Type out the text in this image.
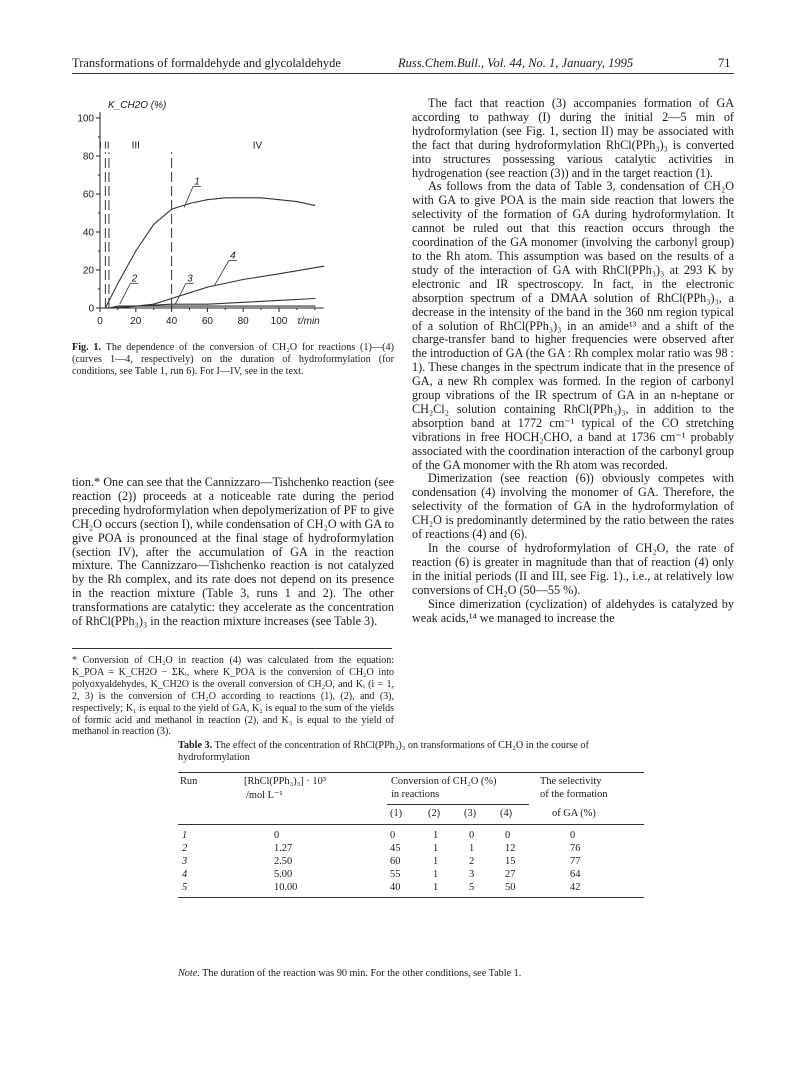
Transformations of formaldehyde and glycolaldehyde	Russ.Chem.Bull., Vol. 44, No. 1, January, 1995	71
100
80
60
40
20
0
0	20 40 60 80 100 τ/min
K_CH2O (%)
I II III	IV
1
2	3
4
Fig. 1. The dependence of the conversion of CH₂O for reactions (1)—(4) (curves 1—4, respectively) on the duration of hydroformylation (for conditions, see Table 1, run 6). For I—IV, see in the text.

tion.* One can see that the Cannizzaro—Tishchenko reaction (see reaction (2)) proceeds at a noticeable rate during the period preceding hydroformylation when depolymerization of PF to give CH₂O occurs (section I), while condensation of CH₂O with GA to give POA is pronounced at the final stage of hydroformylation (section IV), after the accumulation of GA in the reaction mixture. The Cannizzaro—Tishchenko reaction is not catalyzed by the Rh complex, and its rate does not depend on its presence in the reaction mixture (Table 3, runs 1 and 2). The other transformations are catalytic: they accelerate as the concentration of RhCl(PPh₃)₃ in the reaction mixture increases (see Table 3).

* Conversion of CH₂O in reaction (4) was calculated from the equation: K_POA = K_CH2O − ΣKᵢ, where K_POA is the conversion of CH₂O into polyoxyaldehydes, K_CH2O is the overall conversion of CH₂O, and Kᵢ (i = 1, 2, 3) is the conversion of CH₂O according to reactions (1), (2), and (3), respectively; K₁ is equal to the yield of GA, K₂ is equal to the sum of the yields of formic acid and methanol in reaction (2), and K₃ is equal to the yield of methanol in reaction (3).

The fact that reaction (3) accompanies formation of GA according to pathway (I) during the initial 2—5 min of hydroformylation (see Fig. 1, section II) may be associated with the fact that during hydroformylation RhCl(PPh₃)₃ is converted into structures possessing various catalytic activities in hydrogenation (see reaction (3)) and in the target reaction (1).

As follows from the data of Table 3, condensation of CH₂O with GA to give POA is the main side reaction that lowers the selectivity of the formation of GA during hydroformylation. It cannot be ruled out that this reaction occurs through the coordination of the GA monomer (involving the carbonyl group) to the Rh atom. This assumption was based on the results of a study of the interaction of GA with RhCl(PPh₃)₃ at 293 K by electronic and IR spectroscopy. In fact, in the electronic absorption spectrum of a DMAA solution of RhCl(PPh₃)₃, a decrease in the intensity of the band in the 360 nm region typical of a solution of RhCl(PPh₃)₃ in an amide¹³ and a shift of the charge-transfer band to higher frequencies were observed after the introduction of GA (the GA : Rh complex molar ratio was 98 : 1). These changes in the spectrum indicate that in the presence of GA, a new Rh complex was formed. In the region of carbonyl group vibrations of the IR spectrum of GA in an n-heptane or CH₂Cl₂ solution containing RhCl(PPh₃)₃, in addition to the absorption band at 1772 cm⁻¹ typical of the CO stretching vibrations in free HOCH₂CHO, a band at 1736 cm⁻¹ probably associated with the coordination interaction of the carbonyl group of the GA monomer with the Rh atom was recorded.

Dimerization (see reaction (6)) obviously competes with condensation (4) involving the monomer of GA. Therefore, the selectivity of the formation of GA in the hydroformylation of CH₂O is predominantly determined by the ratio between the rates of reactions (4) and (6).

In the course of hydroformylation of CH₂O, the rate of reaction (6) is greater in magnitude than that of reaction (4) only in the initial periods (II and III, see Fig. 1)., i.e., at relatively low conversions of CH₂O (50—55 %).

Since dimerization (cyclization) of aldehydes is catalyzed by weak acids,¹⁴ we managed to increase the

Table 3. The effect of the concentration of RhCl(PPh₃)₃ on transformations of CH₂O in the course of hydroformylation
Run	[RhCl(PPh₃)₃] · 10³
/mol L⁻¹
Conversion of CH₂O (%)
in reactions
(1) (2) (3) (4)
The selectivity
of the formation
of GA (%)
1	0	0	1	0	0	0
2	1.27	45	1	1	12	76
3	2.50	60	1	2	15	77
4	5.00	55	1	3	27	64
5	10.00	40	1	5	50	42
Note. The duration of the reaction was 90 min. For the other conditions, see Table 1.
